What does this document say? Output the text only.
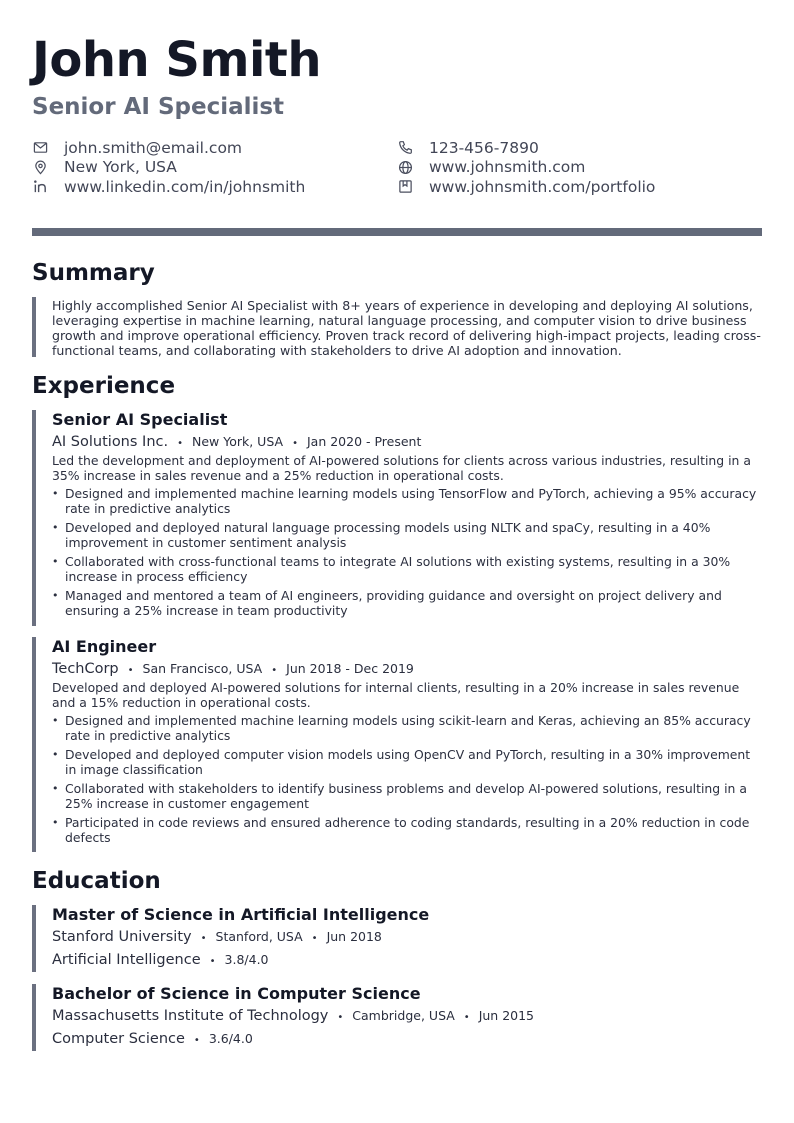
John Smith
Senior AI Specialist
john.smith@email.com
New York, USA
www.linkedin.com/in/johnsmith
123-456-7890
www.johnsmith.com
www.johnsmith.com/portfolio
Summary
Highly accomplished Senior AI Specialist with 8+ years of experience in developing and deploying AI solutions, leveraging expertise in machine learning, natural language processing, and computer vision to drive business growth and improve operational efficiency. Proven track record of delivering high-impact projects, leading cross-functional teams, and collaborating with stakeholders to drive AI adoption and innovation.
Experience
Senior AI Specialist
AI Solutions Inc. • New York, USA • Jan 2020 - Present
Led the development and deployment of AI-powered solutions for clients across various industries, resulting in a 35% increase in sales revenue and a 25% reduction in operational costs.
• Designed and implemented machine learning models using TensorFlow and PyTorch, achieving a 95% accuracy rate in predictive analytics
• Developed and deployed natural language processing models using NLTK and spaCy, resulting in a 40% improvement in customer sentiment analysis
• Collaborated with cross-functional teams to integrate AI solutions with existing systems, resulting in a 30% increase in process efficiency
• Managed and mentored a team of AI engineers, providing guidance and oversight on project delivery and ensuring a 25% increase in team productivity
AI Engineer
TechCorp • San Francisco, USA • Jun 2018 - Dec 2019
Developed and deployed AI-powered solutions for internal clients, resulting in a 20% increase in sales revenue and a 15% reduction in operational costs.
• Designed and implemented machine learning models using scikit-learn and Keras, achieving an 85% accuracy rate in predictive analytics
• Developed and deployed computer vision models using OpenCV and PyTorch, resulting in a 30% improvement in image classification
• Collaborated with stakeholders to identify business problems and develop AI-powered solutions, resulting in a 25% increase in customer engagement
• Participated in code reviews and ensured adherence to coding standards, resulting in a 20% reduction in code defects
Education
Master of Science in Artificial Intelligence
Stanford University • Stanford, USA • Jun 2018
Artificial Intelligence • 3.8/4.0
Bachelor of Science in Computer Science
Massachusetts Institute of Technology • Cambridge, USA • Jun 2015
Computer Science • 3.6/4.0
